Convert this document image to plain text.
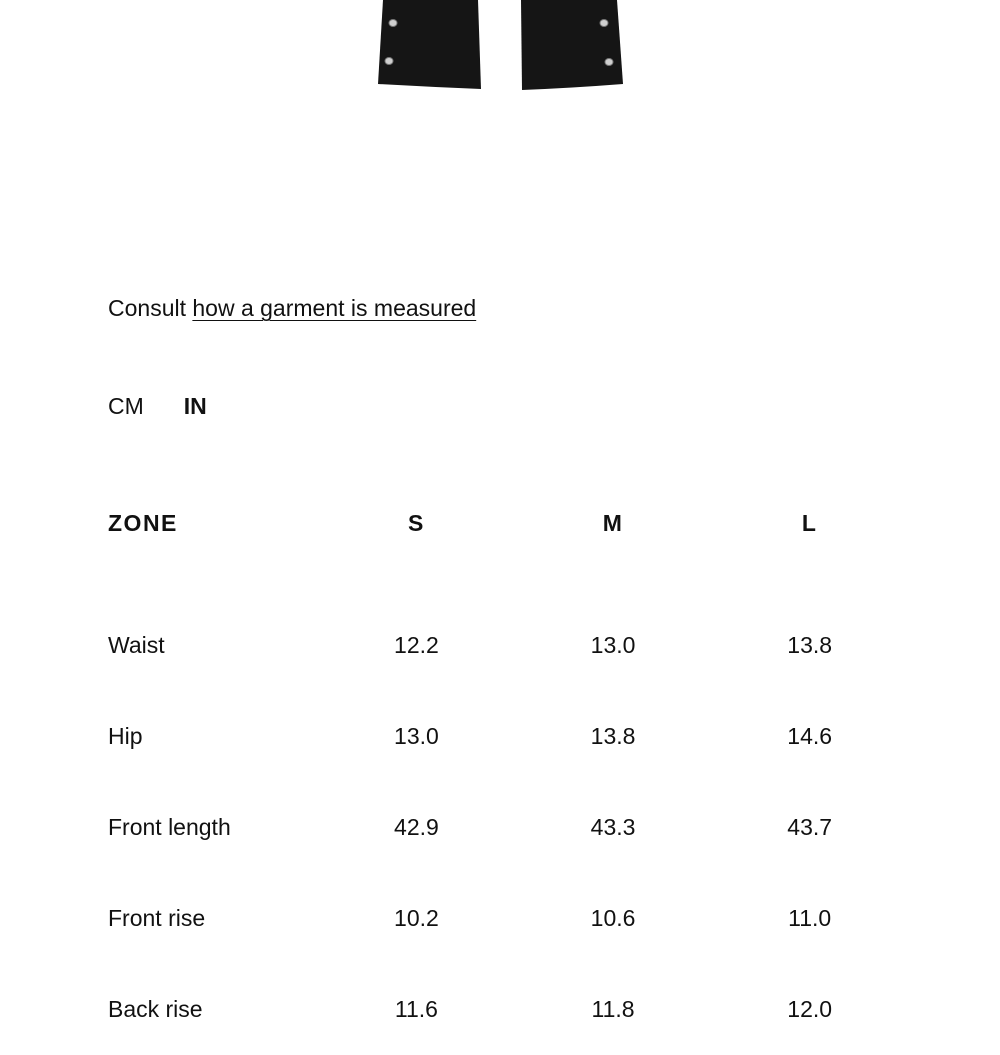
Consult how a garment is measured
CM IN
ZONE	S	M	L
Waist	12.2	13.0	13.8
Hip	13.0	13.8	14.6
Front length	42.9	43.3	43.7
Front rise	10.2	10.6	11.0
Back rise	11.6	11.8	12.0
